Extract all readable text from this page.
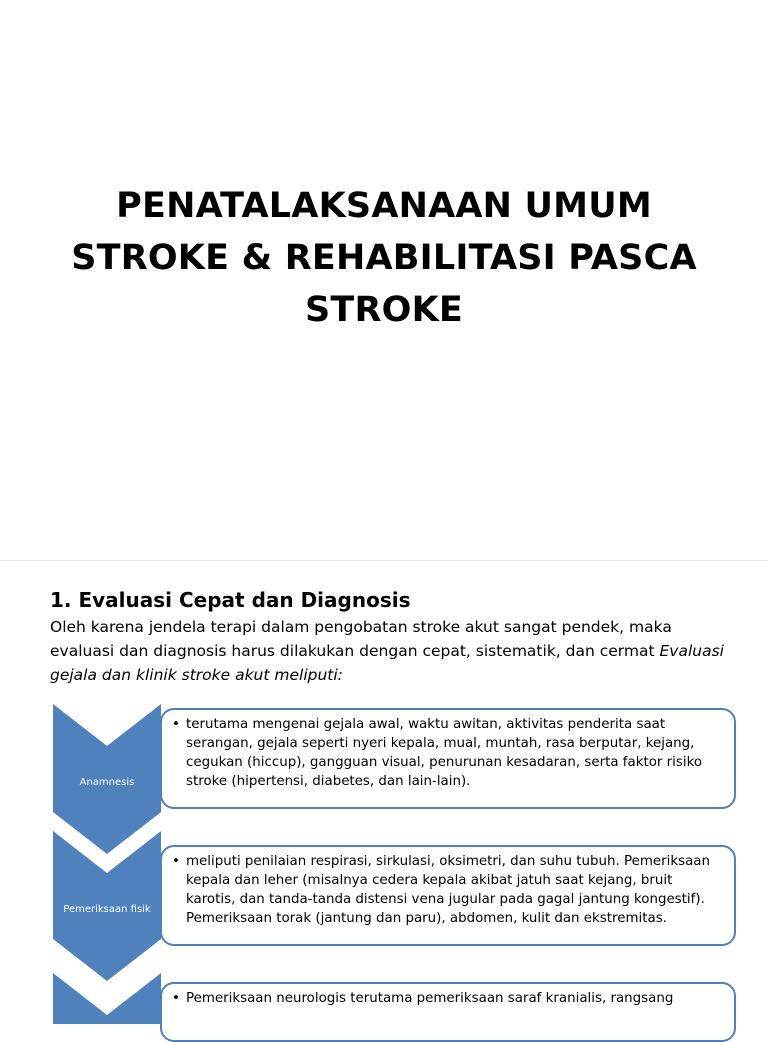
PENATALAKSANAAN UMUM
STROKE & REHABILITASI PASCA
STROKE
1. Evaluasi Cepat dan Diagnosis
Oleh karena jendela terapi dalam pengobatan stroke akut sangat pendek, maka
evaluasi dan diagnosis harus dilakukan dengan cepat, sistematik, dan cermat Evaluasi
gejala dan klinik stroke akut meliputi:
Anamnesis
• terutama mengenai gejala awal, waktu awitan, aktivitas penderita saat
serangan, gejala seperti nyeri kepala, mual, muntah, rasa berputar, kejang,
cegukan (hiccup), gangguan visual, penurunan kesadaran, serta faktor risiko
stroke (hipertensi, diabetes, dan lain-lain).
Pemeriksaan fisik
• meliputi penilaian respirasi, sirkulasi, oksimetri, dan suhu tubuh. Pemeriksaan
kepala dan leher (misalnya cedera kepala akibat jatuh saat kejang, bruit
karotis, dan tanda-tanda distensi vena jugular pada gagal jantung kongestif).
Pemeriksaan torak (jantung dan paru), abdomen, kulit dan ekstremitas.
• Pemeriksaan neurologis terutama pemeriksaan saraf kranialis, rangsang
